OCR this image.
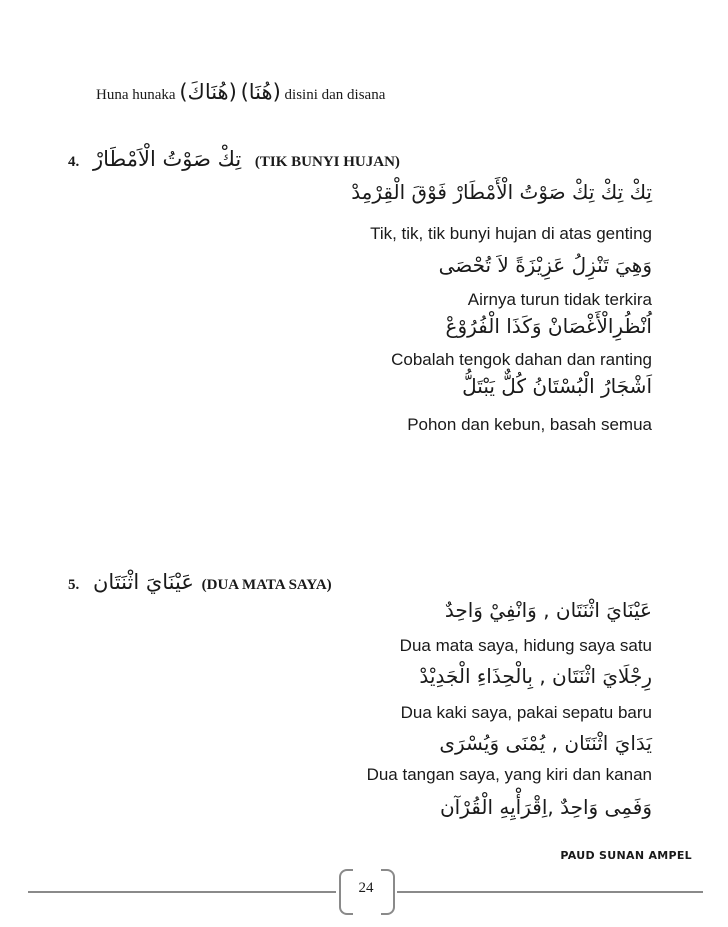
Huna hunaka (هُنَاكَ) (هُنَا) disini dan disana
4. تِكْ صَوْتُ الْاَمْطَارْ (TIK BUNYI HUJAN)
تِكْ تِكْ تِكْ صَوْتُ الْأَمْطَارْ فَوْقَ الْقِرْمِدْ
Tik, tik, tik bunyi hujan di atas genting
وَهِيَ تَنْزِلُ عَزِيْزَةً لاَ تُحْصَى
Airnya turun tidak terkira
اُنْظُرِالْأَغْصَانْ وَكَذَا الْفُرُوْعْ
Cobalah tengok dahan dan ranting
اَشْجَارُ الْبُسْتَانُ كُلٌّ يَبْتَلُّ
Pohon dan kebun, basah semua
5. عَيْنَايَ اثْنَتَان (DUA MATA SAYA)
عَيْنَايَ اثْنَتَان , وَانْفِيْ وَاحِدٌ
Dua mata saya, hidung saya satu
رِجْلَايَ اثْنَتَان , بِالْحِذَاءِ الْجَدِيْدْ
Dua kaki saya, pakai sepatu baru
يَدَايَ اثْنَتَان , يُمْنَى وَيُسْرَى
Dua tangan saya, yang kiri dan kanan
وَفَمِى وَاحِدٌ ,اِقْرَأْيِهِ الْقُرْآن
PAUD SUNAN AMPEL
24
